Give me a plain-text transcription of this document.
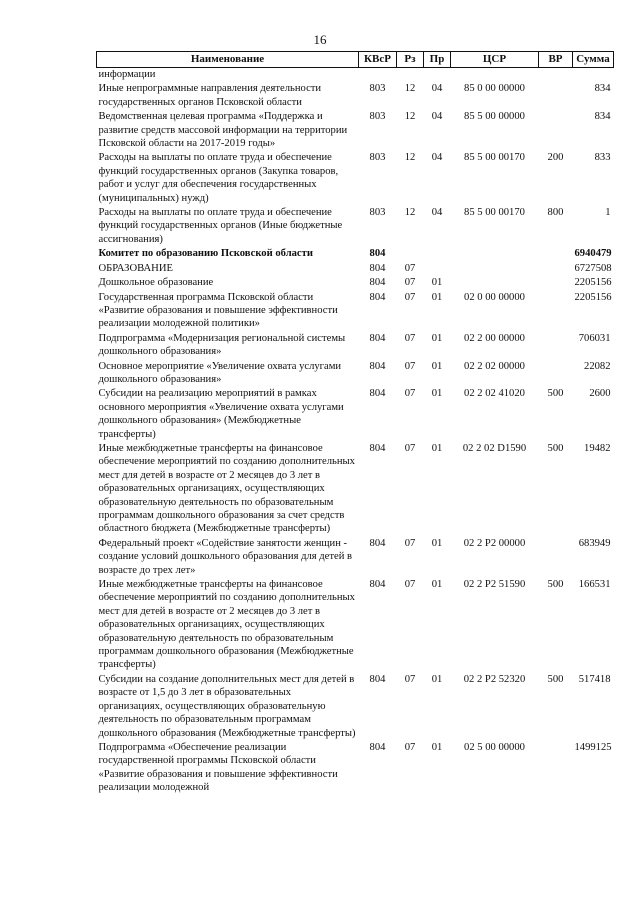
16
Наименование	КВсР	Рз	Пр	ЦСР	ВР	Сумма
информации						
Иные непрограммные направления деятельности государственных органов Псковской области	803	12	04	85 0 00 00000		834
Ведомственная целевая программа «Поддержка и развитие средств массовой информации на территории Псковской области на 2017-2019 годы»	803	12	04	85 5 00 00000		834
Расходы на выплаты по оплате труда и обеспечение функций государственных органов (Закупка товаров, работ и услуг для обеспечения государственных (муниципальных) нужд)	803	12	04	85 5 00 00170	200	833
Расходы на выплаты по оплате труда и обеспечение функций государственных органов (Иные бюджетные ассигнования)	803	12	04	85 5 00 00170	800	1
Комитет по образованию Псковской области	804					6940479
ОБРАЗОВАНИЕ	804	07				6727508
Дошкольное образование	804	07	01			2205156
Государственная программа Псковской области «Развитие образования и повышение эффективности реализации молодежной политики»	804	07	01	02 0 00 00000		2205156
Подпрограмма «Модернизация региональной системы дошкольного образования»	804	07	01	02 2 00 00000		706031
Основное мероприятие «Увеличение охвата услугами дошкольного образования»	804	07	01	02 2 02 00000		22082
Субсидии на реализацию мероприятий в рамках основного мероприятия «Увеличение охвата услугами дошкольного образования» (Межбюджетные трансферты)	804	07	01	02 2 02 41020	500	2600
Иные межбюджетные трансферты на финансовое обеспечение мероприятий по созданию дополнительных мест для детей в возрасте от 2 месяцев до 3 лет в образовательных организациях, осуществляющих образовательную деятельность по образовательным программам дошкольного образования за счет средств областного бюджета (Межбюджетные трансферты)	804	07	01	02 2 02 D1590	500	19482
Федеральный проект «Содействие занятости женщин - создание условий дошкольного образования для детей в возрасте до трех лет»	804	07	01	02 2 P2 00000		683949
Иные межбюджетные трансферты на финансовое обеспечение мероприятий по созданию дополнительных мест для детей в возрасте от 2 месяцев до 3 лет в образовательных организациях, осуществляющих образовательную деятельность по образовательным программам дошкольного образования (Межбюджетные трансферты)	804	07	01	02 2 P2 51590	500	166531
Субсидии на создание дополнительных мест для детей в возрасте от 1,5 до 3 лет в образовательных организациях, осуществляющих образовательную деятельность по образовательным программам дошкольного образования (Межбюджетные трансферты)	804	07	01	02 2 P2 52320	500	517418
Подпрограмма «Обеспечение реализации государственной программы Псковской области «Развитие образования и повышение эффективности реализации молодежной	804	07	01	02 5 00 00000		1499125
